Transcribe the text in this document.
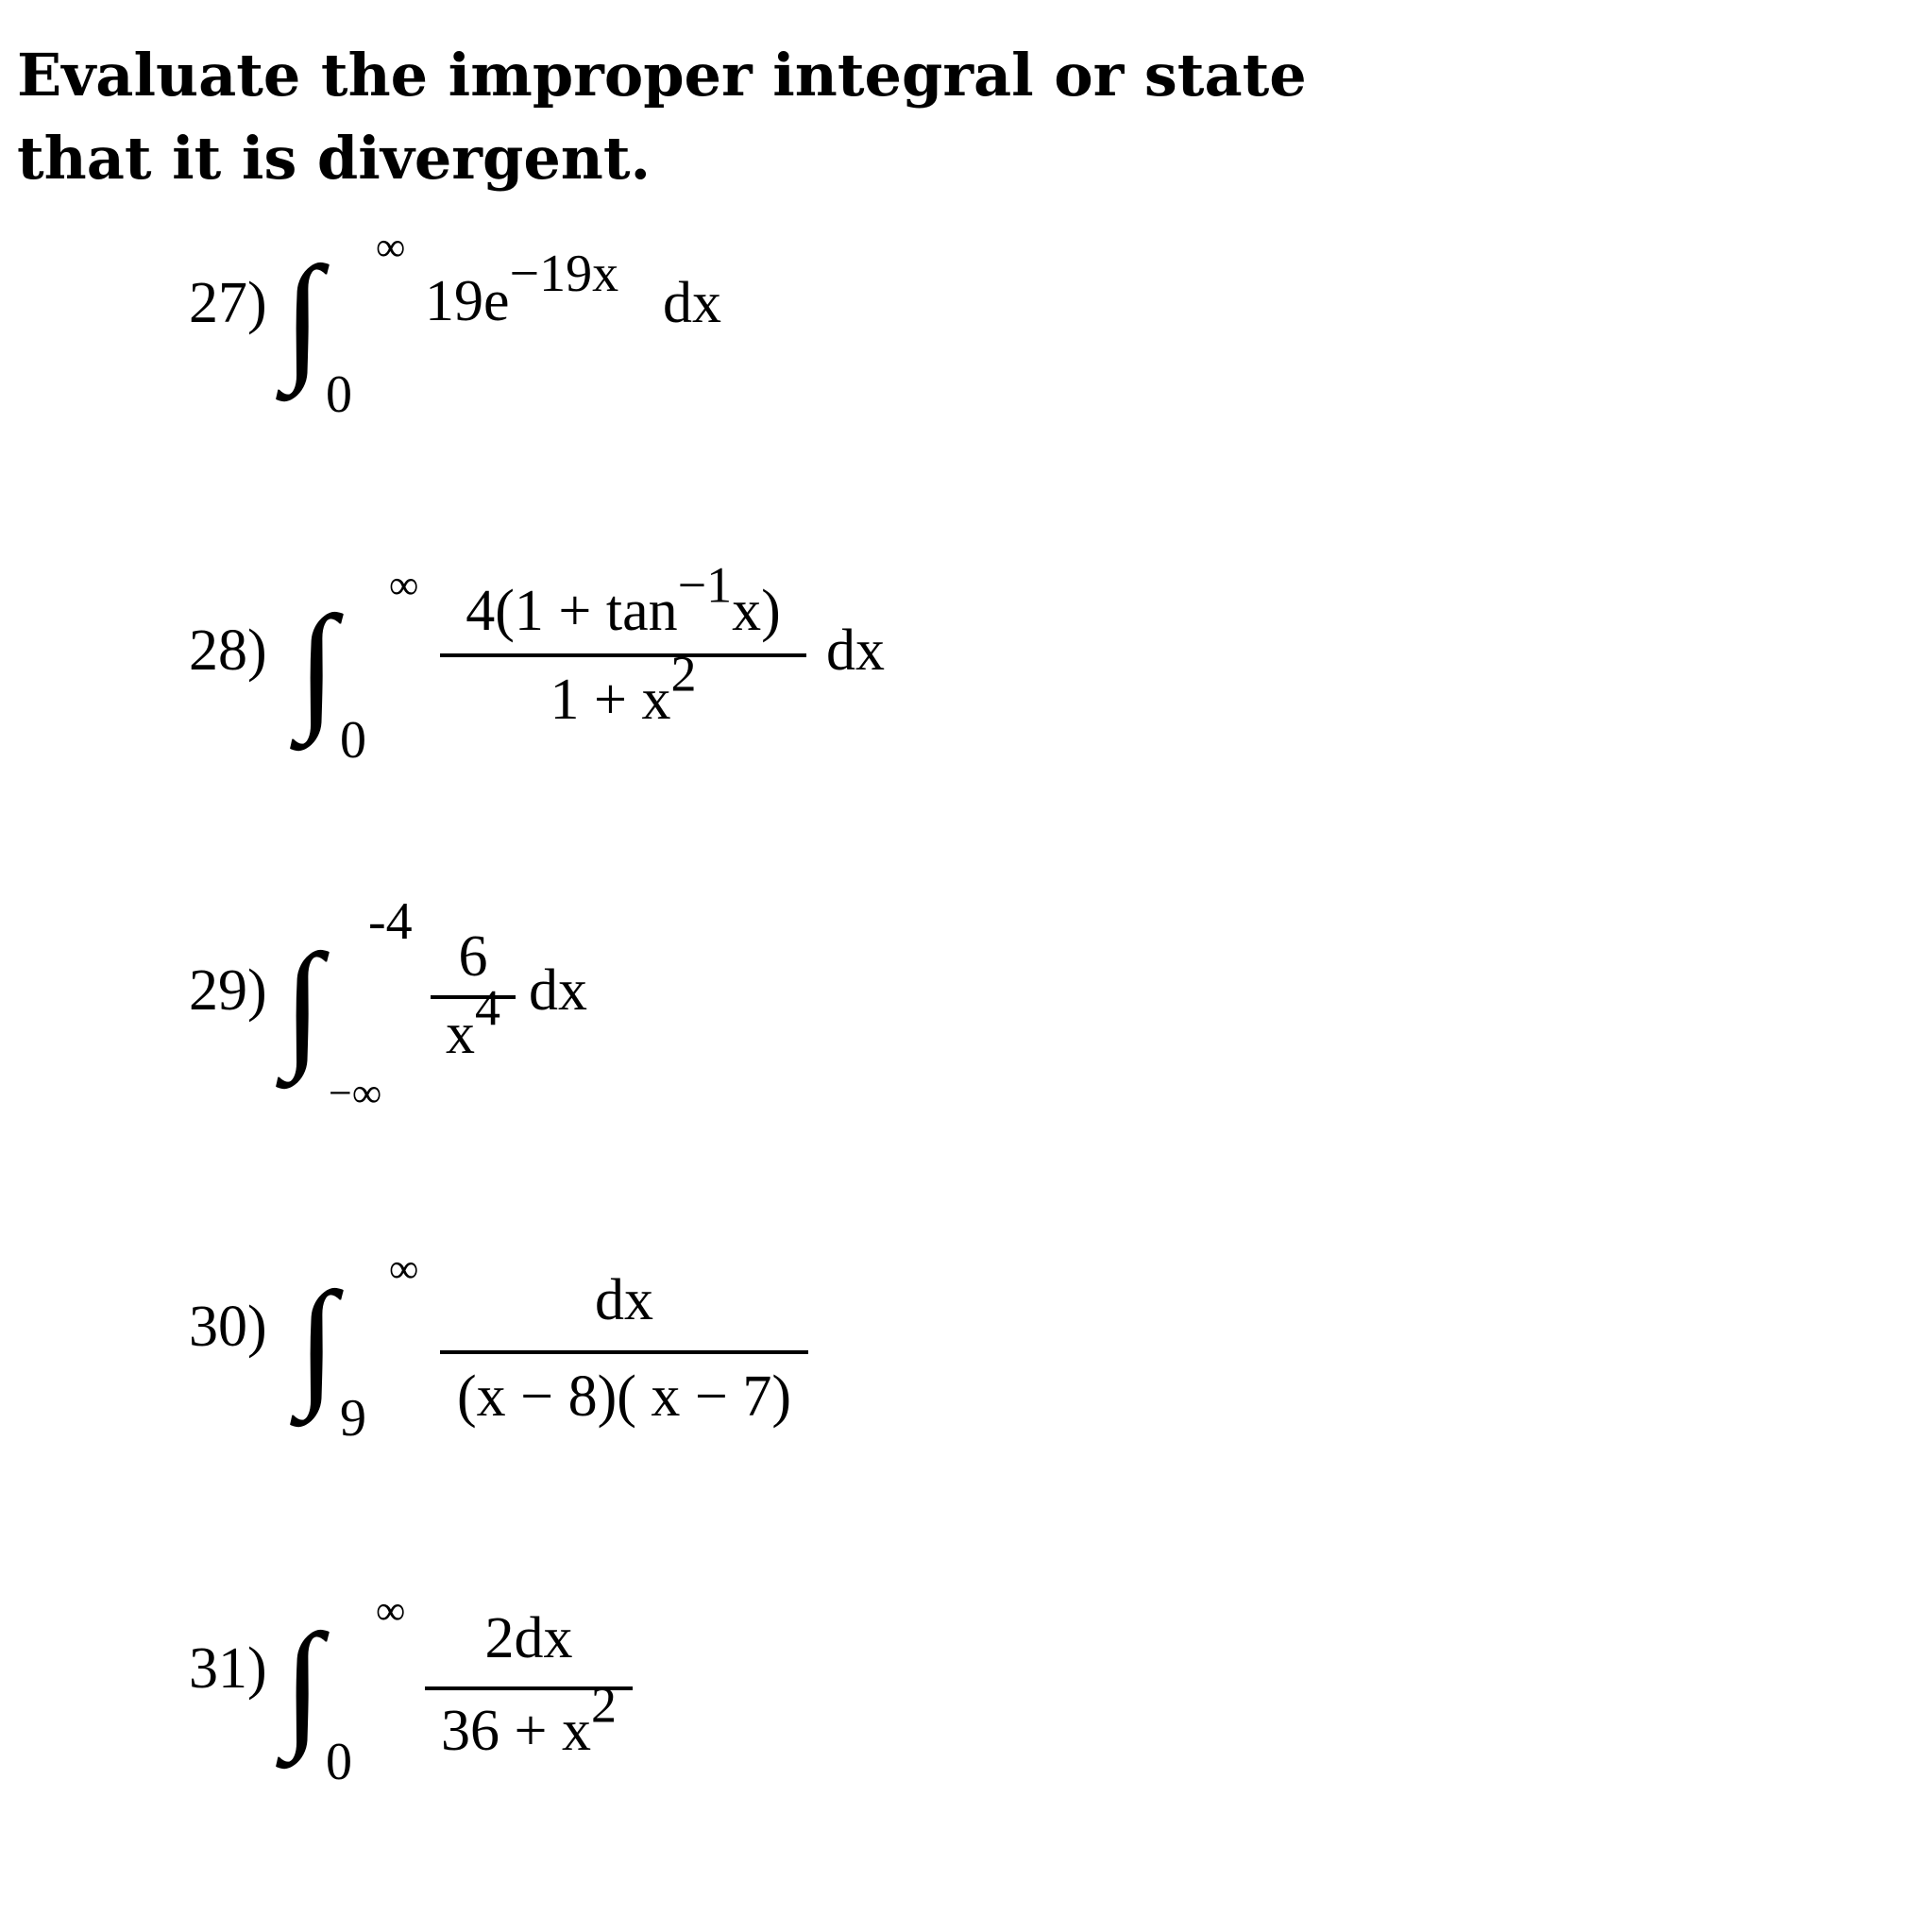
Evaluate the improper integral or state that it is divergent.

27) ∫ ∞
0
$19e^{-19x}$ dx
28) ∫
∞
0
$4(1 + \tan^{-1}x)$
$1 + x^2$	dx
29) ∫
-4
−∞
6
$x^4$ dx
30) ∫ ∞
9
dx
(x − 8)( x − 7)
31) ∫ ∞
0
2dx
$36 + x^2$
